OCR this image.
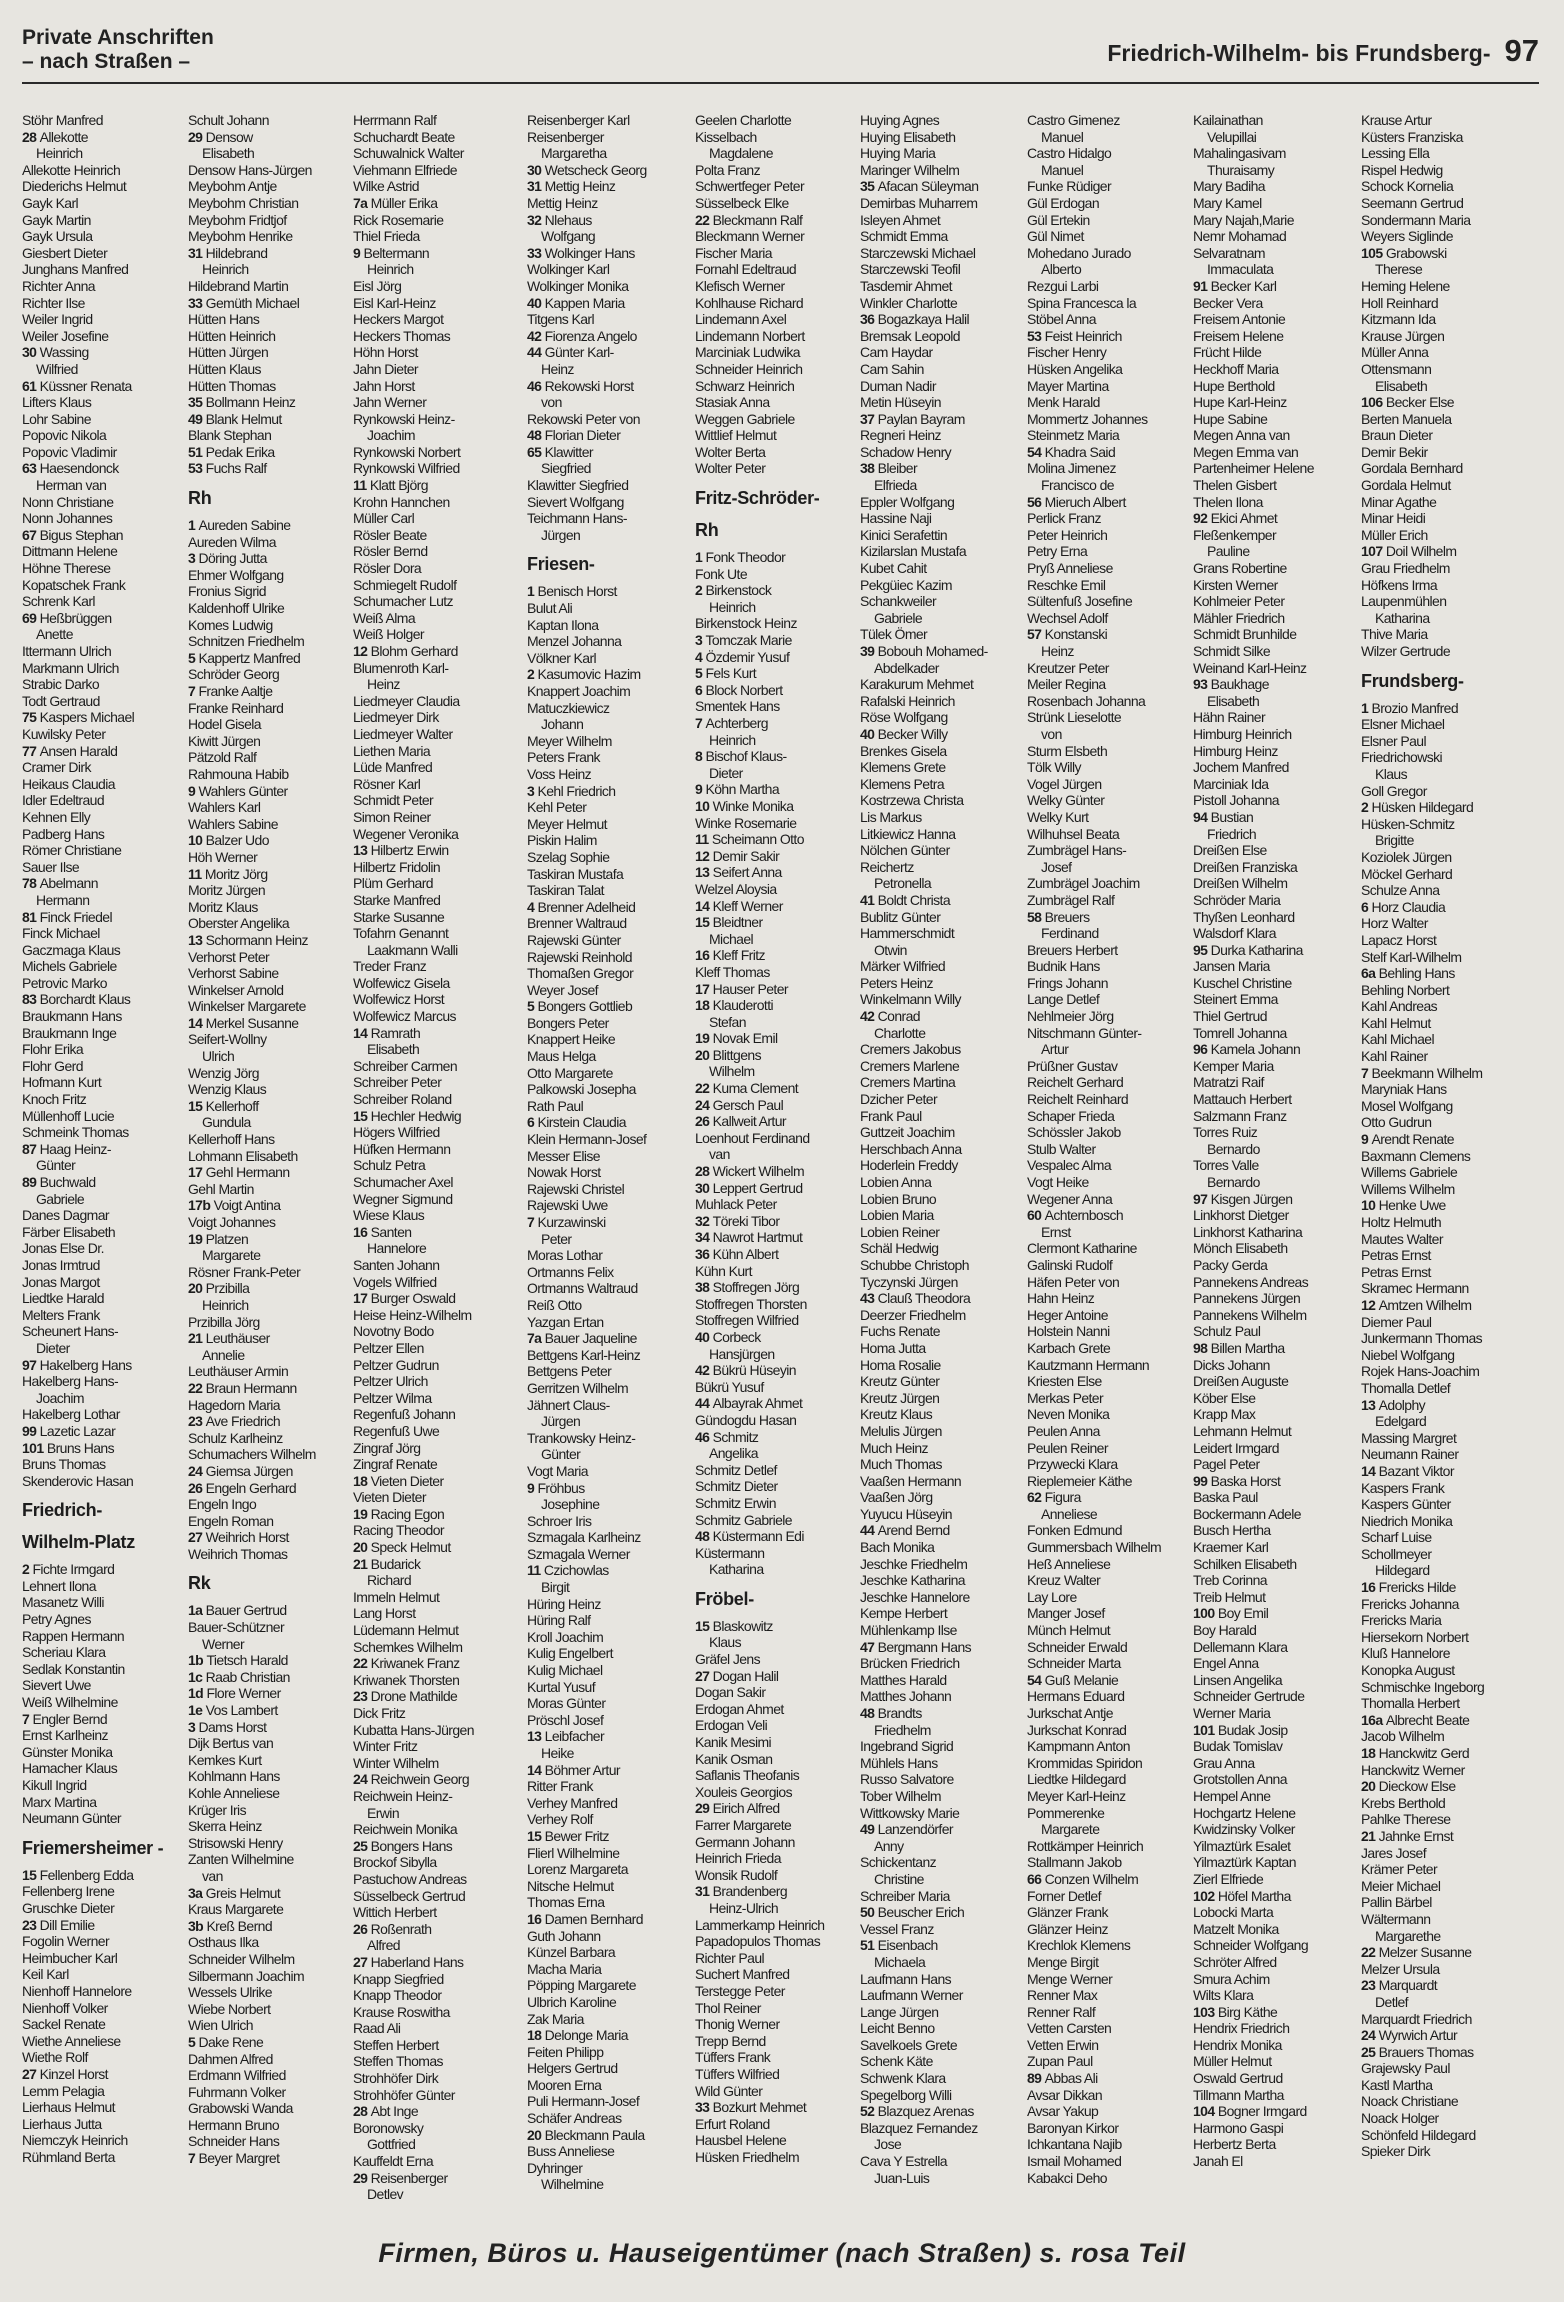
Private Anschriften
– nach Straßen –	Friedrich-Wilhelm- bis Frundsberg- 97
Stöhr Manfred
28 Allekotte
Heinrich
Allekotte Heinrich
Diederichs Helmut
Gayk Karl
Gayk Martin
Gayk Ursula
Giesbert Dieter
Junghans Manfred
Richter Anna
Richter Ilse
Weiler Ingrid
Weiler Josefine
30 Wassing
Wilfried
61 Küssner Renata
Lifters Klaus
Lohr Sabine
Popovic Nikola
Popovic Vladimir
63 Haesendonck
Herman van
Nonn Christiane
Nonn Johannes
67 Bigus Stephan
Dittmann Helene
Höhne Therese
Kopatschek Frank
Schrenk Karl
69 Heßbrüggen
Anette
Ittermann Ulrich
Markmann Ulrich
Strabic Darko
Todt Gertraud
75 Kaspers Michael
Kuwilsky Peter
77 Ansen Harald
Cramer Dirk
Heikaus Claudia
Idler Edeltraud
Kehnen Elly
Padberg Hans
Römer Christiane
Sauer Ilse
78 Abelmann
Hermann
81 Finck Friedel
Finck Michael
Gaczmaga Klaus
Michels Gabriele
Petrovic Marko
83 Borchardt Klaus
Braukmann Hans
Braukmann Inge
Flohr Erika
Flohr Gerd
Hofmann Kurt
Knoch Fritz
Müllenhoff Lucie
Schmeink Thomas
87 Haag Heinz-
Günter
89 Buchwald
Gabriele
Danes Dagmar
Färber Elisabeth
Jonas Else Dr.
Jonas Irmtrud
Jonas Margot
Liedtke Harald
Melters Frank
Scheunert Hans-
Dieter
97 Hakelberg Hans
Hakelberg Hans-
Joachim
Hakelberg Lothar
99 Lazetic Lazar
101 Bruns Hans
Bruns Thomas
Skenderovic Hasan
Friedrich-
Wilhelm-Platz
2 Fichte Irmgard
Lehnert Ilona
Masanetz Willi
Petry Agnes
Rappen Hermann
Scheriau Klara
Sedlak Konstantin
Sievert Uwe
Weiß Wilhelmine
7 Engler Bernd
Ernst Karlheinz
Günster Monika
Hamacher Klaus
Kikull Ingrid
Marx Martina
Neumann Günter
Friemersheimer -
15 Fellenberg Edda
Fellenberg Irene
Gruschke Dieter
23 Dill Emilie
Fogolin Werner
Heimbucher Karl
Keil Karl
Nienhoff Hannelore
Nienhoff Volker
Sackel Renate
Wiethe Anneliese
Wiethe Rolf
27 Kinzel Horst
Lemm Pelagia
Lierhaus Helmut
Lierhaus Jutta
Niemczyk Heinrich
Rühmland Berta
Schult Johann
29 Densow
Elisabeth
Densow Hans-Jürgen
Meybohm Antje
Meybohm Christian
Meybohm Fridtjof
Meybohm Henrike
31 Hildebrand
Heinrich
Hildebrand Martin
33 Gemüth Michael
Hütten Hans
Hütten Heinrich
Hütten Jürgen
Hütten Klaus
Hütten Thomas
35 Bollmann Heinz
49 Blank Helmut
Blank Stephan
51 Pedak Erika
53 Fuchs Ralf
Rh
1 Aureden Sabine
Aureden Wilma
3 Döring Jutta
Ehmer Wolfgang
Fronius Sigrid
Kaldenhoff Ulrike
Komes Ludwig
Schnitzen Friedhelm
5 Kappertz Manfred
Schröder Georg
7 Franke Aaltje
Franke Reinhard
Hodel Gisela
Kiwitt Jürgen
Pätzold Ralf
Rahmouna Habib
9 Wahlers Günter
Wahlers Karl
Wahlers Sabine
10 Balzer Udo
Höh Werner
11 Moritz Jörg
Moritz Jürgen
Moritz Klaus
Oberster Angelika
13 Schormann Heinz
Verhorst Peter
Verhorst Sabine
Winkelser Arnold
Winkelser Margarete
14 Merkel Susanne
Seifert-Wollny
Ulrich
Wenzig Jörg
Wenzig Klaus
15 Kellerhoff
Gundula
Kellerhoff Hans
Lohmann Elisabeth
17 Gehl Hermann
Gehl Martin
17b Voigt Antina
Voigt Johannes
19 Platzen
Margarete
Rösner Frank-Peter
20 Przibilla
Heinrich
Przibilla Jörg
21 Leuthäuser
Annelie
Leuthäuser Armin
22 Braun Hermann
Hagedorn Maria
23 Ave Friedrich
Schulz Karlheinz
Schumachers Wilhelm
24 Giemsa Jürgen
26 Engeln Gerhard
Engeln Ingo
Engeln Roman
27 Weihrich Horst
Weihrich Thomas
Rk
1a Bauer Gertrud
Bauer-Schützner
Werner
1b Tietsch Harald
1c Raab Christian
1d Flore Werner
1e Vos Lambert
3 Dams Horst
Dijk Bertus van
Kemkes Kurt
Kohlmann Hans
Kohle Anneliese
Krüger Iris
Skerra Heinz
Strisowski Henry
Zanten Wilhelmine
van
3a Greis Helmut
Kraus Margarete
3b Kreß Bernd
Osthaus Ilka
Schneider Wilhelm
Silbermann Joachim
Wessels Ulrike
Wiebe Norbert
Wien Ulrich
5 Dake Rene
Dahmen Alfred
Erdmann Wilfried
Fuhrmann Volker
Grabowski Wanda
Hermann Bruno
Schneider Hans
7 Beyer Margret
Herrmann Ralf
Schuchardt Beate
Schuwalnick Walter
Viehmann Elfriede
Wilke Astrid
7a Müller Erika
Rick Rosemarie
Thiel Frieda
9 Beltermann
Heinrich
Eisl Jörg
Eisl Karl-Heinz
Heckers Margot
Heckers Thomas
Höhn Horst
Jahn Dieter
Jahn Horst
Jahn Werner
Rynkowski Heinz-
Joachim
Rynkowski Norbert
Rynkowski Wilfried
11 Klatt Björg
Krohn Hannchen
Müller Carl
Rösler Beate
Rösler Bernd
Rösler Dora
Schmiegelt Rudolf
Schumacher Lutz
Weiß Alma
Weiß Holger
12 Blohm Gerhard
Blumenroth Karl-
Heinz
Liedmeyer Claudia
Liedmeyer Dirk
Liedmeyer Walter
Liethen Maria
Lüde Manfred
Rösner Karl
Schmidt Peter
Simon Reiner
Wegener Veronika
13 Hilbertz Erwin
Hilbertz Fridolin
Plüm Gerhard
Starke Manfred
Starke Susanne
Tofahrn Genannt
Laakmann Walli
Treder Franz
Wolfewicz Gisela
Wolfewicz Horst
Wolfewicz Marcus
14 Ramrath
Elisabeth
Schreiber Carmen
Schreiber Peter
Schreiber Roland
15 Hechler Hedwig
Högers Wilfried
Hüfken Hermann
Schulz Petra
Schumacher Axel
Wegner Sigmund
Wiese Klaus
16 Santen
Hannelore
Santen Johann
Vogels Wilfried
17 Burger Oswald
Heise Heinz-Wilhelm
Novotny Bodo
Peltzer Ellen
Peltzer Gudrun
Peltzer Ulrich
Peltzer Wilma
Regenfuß Johann
Regenfuß Uwe
Zingraf Jörg
Zingraf Renate
18 Vieten Dieter
Vieten Dieter
19 Racing Egon
Racing Theodor
20 Speck Helmut
21 Budarick
Richard
Immeln Helmut
Lang Horst
Lüdemann Helmut
Schemkes Wilhelm
22 Kriwanek Franz
Kriwanek Thorsten
23 Drone Mathilde
Dick Fritz
Kubatta Hans-Jürgen
Winter Fritz
Winter Wilhelm
24 Reichwein Georg
Reichwein Heinz-
Erwin
Reichwein Monika
25 Bongers Hans
Brockof Sibylla
Pastuchow Andreas
Süsselbeck Gertrud
Wittich Herbert
26 Roßenrath
Alfred
27 Haberland Hans
Knapp Siegfried
Knapp Theodor
Krause Roswitha
Raad Ali
Steffen Herbert
Steffen Thomas
Strohhöfer Dirk
Strohhöfer Günter
28 Abt Inge
Boronowsky
Gottfried
Kauffeldt Erna
29 Reisenberger
Detlev
Reisenberger Karl
Reisenberger
Margaretha
30 Wetscheck Georg
31 Mettig Heinz
Mettig Heinz
32 Nlehaus
Wolfgang
33 Wolkinger Hans
Wolkinger Karl
Wolkinger Monika
40 Kappen Maria
Titgens Karl
42 Fiorenza Angelo
44 Günter Karl-
Heinz
46 Rekowski Horst
von
Rekowski Peter von
48 Florian Dieter
65 Klawitter
Siegfried
Klawitter Siegfried
Sievert Wolfgang
Teichmann Hans-
Jürgen
Friesen-
1 Benisch Horst
Bulut Ali
Kaptan Ilona
Menzel Johanna
Völkner Karl
2 Kasumovic Hazim
Knappert Joachim
Matuczkiewicz
Johann
Meyer Wilhelm
Peters Frank
Voss Heinz
3 Kehl Friedrich
Kehl Peter
Meyer Helmut
Piskin Halim
Szelag Sophie
Taskiran Mustafa
Taskiran Talat
4 Brenner Adelheid
Brenner Waltraud
Rajewski Günter
Rajewski Reinhold
Thomaßen Gregor
Weyer Josef
5 Bongers Gottlieb
Bongers Peter
Knappert Heike
Maus Helga
Otto Margarete
Palkowski Josepha
Rath Paul
6 Kirstein Claudia
Klein Hermann-Josef
Messer Elise
Nowak Horst
Rajewski Christel
Rajewski Uwe
7 Kurzawinski
Peter
Moras Lothar
Ortmanns Felix
Ortmanns Waltraud
Reiß Otto
Yazgan Ertan
7a Bauer Jaqueline
Bettgens Karl-Heinz
Bettgens Peter
Gerritzen Wilhelm
Jähnert Claus-
Jürgen
Trankowsky Heinz-
Günter
Vogt Maria
9 Fröhbus
Josephine
Schroer Iris
Szmagala Karlheinz
Szmagala Werner
11 Czichowlas
Birgit
Hüring Heinz
Hüring Ralf
Kroll Joachim
Kulig Engelbert
Kulig Michael
Kurtal Yusuf
Moras Günter
Pröschl Josef
13 Leibfacher
Heike
14 Böhmer Artur
Ritter Frank
Verhey Manfred
Verhey Rolf
15 Bewer Fritz
Flierl Wilhelmine
Lorenz Margareta
Nitsche Helmut
Thomas Erna
16 Damen Bernhard
Guth Johann
Künzel Barbara
Macha Maria
Pöpping Margarete
Ulbrich Karoline
Zak Maria
18 Delonge Maria
Feiten Philipp
Helgers Gertrud
Mooren Erna
Puli Hermann-Josef
Schäfer Andreas
20 Bleckmann Paula
Buss Anneliese
Dyhringer
Wilhelmine
Geelen Charlotte
Kisselbach
Magdalene
Polta Franz
Schwertfeger Peter
Süsselbeck Elke
22 Bleckmann Ralf
Bleckmann Werner
Fischer Maria
Fornahl Edeltraud
Klefisch Werner
Kohlhause Richard
Lindemann Axel
Lindemann Norbert
Marciniak Ludwika
Schneider Heinrich
Schwarz Heinrich
Stasiak Anna
Weggen Gabriele
Wittlief Helmut
Wolter Berta
Wolter Peter
Fritz-Schröder-
Rh
1 Fonk Theodor
Fonk Ute
2 Birkenstock
Heinrich
Birkenstock Heinz
3 Tomczak Marie
4 Özdemir Yusuf
5 Fels Kurt
6 Block Norbert
Smentek Hans
7 Achterberg
Heinrich
8 Bischof Klaus-
Dieter
9 Köhn Martha
10 Winke Monika
Winke Rosemarie
11 Scheimann Otto
12 Demir Sakir
13 Seifert Anna
Welzel Aloysia
14 Kleff Werner
15 Bleidtner
Michael
16 Kleff Fritz
Kleff Thomas
17 Hauser Peter
18 Klauderotti
Stefan
19 Novak Emil
20 Blittgens
Wilhelm
22 Kuma Clement
24 Gersch Paul
26 Kallweit Artur
Loenhout Ferdinand
van
28 Wickert Wilhelm
30 Leppert Gertrud
Muhlack Peter
32 Töreki Tibor
34 Nawrot Hartmut
36 Kühn Albert
Kühn Kurt
38 Stoffregen Jörg
Stoffregen Thorsten
Stoffregen Wilfried
40 Corbeck
Hansjürgen
42 Bükrü Hüseyin
Bükrü Yusuf
44 Albayrak Ahmet
Gündogdu Hasan
46 Schmitz
Angelika
Schmitz Detlef
Schmitz Dieter
Schmitz Erwin
Schmitz Gabriele
48 Küstermann Edi
Küstermann
Katharina
Fröbel-
15 Blaskowitz
Klaus
Gräfel Jens
27 Dogan Halil
Dogan Sakir
Erdogan Ahmet
Erdogan Veli
Kanik Mesimi
Kanik Osman
Saflanis Theofanis
Xouleis Georgios
29 Eirich Alfred
Farrer Margarete
Germann Johann
Heinrich Frieda
Wonsik Rudolf
31 Brandenberg
Heinz-Ulrich
Lammerkamp Heinrich
Papadopulos Thomas
Richter Paul
Suchert Manfred
Terstegge Peter
Thol Reiner
Thonig Werner
Trepp Bernd
Tüffers Frank
Tüffers Wilfried
Wild Günter
33 Bozkurt Mehmet
Erfurt Roland
Hausbel Helene
Hüsken Friedhelm
Huying Agnes
Huying Elisabeth
Huying Maria
Maringer Wilhelm
35 Afacan Süleyman
Demirbas Muharrem
Isleyen Ahmet
Schmidt Emma
Starczewski Michael
Starczewski Teofil
Tasdemir Ahmet
Winkler Charlotte
36 Bogazkaya Halil
Bremsak Leopold
Cam Haydar
Cam Sahin
Duman Nadir
Metin Hüseyin
37 Paylan Bayram
Regneri Heinz
Schadow Henry
38 Bleiber
Elfrieda
Eppler Wolfgang
Hassine Naji
Kinici Serafettin
Kizilarslan Mustafa
Kubet Cahit
Pekgüiec Kazim
Schankweiler
Gabriele
Tülek Ömer
39 Bobouh Mohamed-
Abdelkader
Karakurum Mehmet
Rafalski Heinrich
Röse Wolfgang
40 Becker Willy
Brenkes Gisela
Klemens Grete
Klemens Petra
Kostrzewa Christa
Lis Markus
Litkiewicz Hanna
Nölchen Günter
Reichertz
Petronella
41 Boldt Christa
Bublitz Günter
Hammerschmidt
Otwin
Märker Wilfried
Peters Heinz
Winkelmann Willy
42 Conrad
Charlotte
Cremers Jakobus
Cremers Marlene
Cremers Martina
Dzicher Peter
Frank Paul
Guttzeit Joachim
Herschbach Anna
Hoderlein Freddy
Lobien Anna
Lobien Bruno
Lobien Maria
Lobien Reiner
Schäl Hedwig
Schubbe Christoph
Tyczynski Jürgen
43 Clauß Theodora
Deerzer Friedhelm
Fuchs Renate
Homa Jutta
Homa Rosalie
Kreutz Günter
Kreutz Jürgen
Kreutz Klaus
Melulis Jürgen
Much Heinz
Much Thomas
Vaaßen Hermann
Vaaßen Jörg
Yuyucu Hüseyin
44 Arend Bernd
Bach Monika
Jeschke Friedhelm
Jeschke Katharina
Jeschke Hannelore
Kempe Herbert
Mühlenkamp Ilse
47 Bergmann Hans
Brücken Friedrich
Matthes Harald
Matthes Johann
48 Brandts
Friedhelm
Ingebrand Sigrid
Mühlels Hans
Russo Salvatore
Tober Wilhelm
Wittkowsky Marie
49 Lanzendörfer
Anny
Schickentanz
Christine
Schreiber Maria
50 Beuscher Erich
Vessel Franz
51 Eisenbach
Michaela
Laufmann Hans
Laufmann Werner
Lange Jürgen
Leicht Benno
Savelkoels Grete
Schenk Käte
Schwenk Klara
Spegelborg Willi
52 Blazquez Arenas
Blazquez Fernandez
Jose
Cava Y Estrella
Juan-Luis
Castro Gimenez
Manuel
Castro Hidalgo
Manuel
Funke Rüdiger
Gül Erdogan
Gül Ertekin
Gül Nimet
Mohedano Jurado
Alberto
Rezgui Larbi
Spina Francesca la
Stöbel Anna
53 Feist Heinrich
Fischer Henry
Hüsken Angelika
Mayer Martina
Menk Harald
Mommertz Johannes
Steinmetz Maria
54 Khadra Said
Molina Jimenez
Francisco de
56 Mieruch Albert
Perlick Franz
Peter Heinrich
Petry Erna
Pryß Anneliese
Reschke Emil
Sültenfuß Josefine
Wechsel Adolf
57 Konstanski
Heinz
Kreutzer Peter
Meiler Regina
Rosenbach Johanna
Strünk Lieselotte
von
Sturm Elsbeth
Tölk Willy
Vogel Jürgen
Welky Günter
Welky Kurt
Wilhuhsel Beata
Zumbrägel Hans-
Josef
Zumbrägel Joachim
Zumbrägel Ralf
58 Breuers
Ferdinand
Breuers Herbert
Budnik Hans
Frings Johann
Lange Detlef
Nehlmeier Jörg
Nitschmann Günter-
Artur
Prüßner Gustav
Reichelt Gerhard
Reichelt Reinhard
Schaper Frieda
Schössler Jakob
Stulb Walter
Vespalec Alma
Vogt Heike
Wegener Anna
60 Achternbosch
Ernst
Clermont Katharine
Galinski Rudolf
Häfen Peter von
Hahn Heinz
Heger Antoine
Holstein Nanni
Karbach Grete
Kautzmann Hermann
Kriesten Else
Merkas Peter
Neven Monika
Peulen Anna
Peulen Reiner
Przywecki Klara
Rieplemeier Käthe
62 Figura
Anneliese
Fonken Edmund
Gummersbach Wilhelm
Heß Anneliese
Kreuz Walter
Lay Lore
Manger Josef
Münch Helmut
Schneider Erwald
Schneider Marta
54 Guß Melanie
Hermans Eduard
Jurkschat Antje
Jurkschat Konrad
Kampmann Anton
Krommidas Spiridon
Liedtke Hildegard
Meyer Karl-Heinz
Pommerenke
Margarete
Rottkämper Heinrich
Stallmann Jakob
66 Conzen Wilhelm
Forner Detlef
Glänzer Frank
Glänzer Heinz
Krechlok Klemens
Menge Birgit
Menge Werner
Renner Max
Renner Ralf
Vetten Carsten
Vetten Erwin
Zupan Paul
89 Abbas Ali
Avsar Dikkan
Avsar Yakup
Baronyan Kirkor
Ichkantana Najib
Ismail Mohamed
Kabakci Deho
Kailainathan
Velupillai
Mahalingasivam
Thuraisamy
Mary Badiha
Mary Kamel
Mary Najah,Marie
Nemr Mohamad
Selvaratnam
Immaculata
91 Becker Karl
Becker Vera
Freisem Antonie
Freisem Helene
Frücht Hilde
Heckhoff Maria
Hupe Berthold
Hupe Karl-Heinz
Hupe Sabine
Megen Anna van
Megen Emma van
Partenheimer Helene
Thelen Gisbert
Thelen Ilona
92 Ekici Ahmet
Fleßenkemper
Pauline
Grans Robertine
Kirsten Werner
Kohlmeier Peter
Mähler Friedrich
Schmidt Brunhilde
Schmidt Silke
Weinand Karl-Heinz
93 Baukhage
Elisabeth
Hähn Rainer
Himburg Heinrich
Himburg Heinz
Jochem Manfred
Marciniak Ida
Pistoll Johanna
94 Bustian
Friedrich
Dreißen Else
Dreißen Franziska
Dreißen Wilhelm
Schröder Maria
Thyßen Leonhard
Walsdorf Klara
95 Durka Katharina
Jansen Maria
Kuschel Christine
Steinert Emma
Thiel Gertrud
Tomrell Johanna
96 Kamela Johann
Kemper Maria
Matratzi Raif
Mattauch Herbert
Salzmann Franz
Torres Ruiz
Bernardo
Torres Valle
Bernardo
97 Kisgen Jürgen
Linkhorst Dietger
Linkhorst Katharina
Mönch Elisabeth
Packy Gerda
Pannekens Andreas
Pannekens Jürgen
Pannekens Wilhelm
Schulz Paul
98 Billen Martha
Dicks Johann
Dreißen Auguste
Köber Else
Krapp Max
Lehmann Helmut
Leidert Irmgard
Pagel Peter
99 Baska Horst
Baska Paul
Bockermann Adele
Busch Hertha
Kraemer Karl
Schilken Elisabeth
Treb Corinna
Treib Helmut
100 Boy Emil
Boy Harald
Dellemann Klara
Engel Anna
Linsen Angelika
Schneider Gertrude
Werner Maria
101 Budak Josip
Budak Tomislav
Grau Anna
Grotstollen Anna
Hempel Anne
Hochgartz Helene
Kwidzinsky Volker
Yilmaztürk Esalet
Yilmaztürk Kaptan
Zierl Elfriede
102 Höfel Martha
Lobocki Marta
Matzelt Monika
Schneider Wolfgang
Schröter Alfred
Smura Achim
Wilts Klara
103 Birg Käthe
Hendrix Friedrich
Hendrix Monika
Müller Helmut
Oswald Gertrud
Tillmann Martha
104 Bogner Irmgard
Harmono Gaspi
Herbertz Berta
Janah El
Krause Artur
Küsters Franziska
Lessing Ella
Rispel Hedwig
Schock Kornelia
Seemann Gertrud
Sondermann Maria
Weyers Siglinde
105 Grabowski
Therese
Heming Helene
Holl Reinhard
Kitzmann Ida
Krause Jürgen
Müller Anna
Ottensmann
Elisabeth
106 Becker Else
Berten Manuela
Braun Dieter
Demir Bekir
Gordala Bernhard
Gordala Helmut
Minar Agathe
Minar Heidi
Müller Erich
107 Doil Wilhelm
Grau Friedhelm
Höfkens Irma
Laupenmühlen
Katharina
Thive Maria
Wilzer Gertrude
Frundsberg-
1 Brozio Manfred
Elsner Michael
Elsner Paul
Friedrichowski
Klaus
Goll Gregor
2 Hüsken Hildegard
Hüsken-Schmitz
Brigitte
Koziolek Jürgen
Möckel Gerhard
Schulze Anna
6 Horz Claudia
Horz Walter
Lapacz Horst
Stelf Karl-Wilhelm
6a Behling Hans
Behling Norbert
Kahl Andreas
Kahl Helmut
Kahl Michael
Kahl Rainer
7 Beekmann Wilhelm
Maryniak Hans
Mosel Wolfgang
Otto Gudrun
9 Arendt Renate
Baxmann Clemens
Willems Gabriele
Willems Wilhelm
10 Henke Uwe
Holtz Helmuth
Mautes Walter
Petras Ernst
Petras Ernst
Skramec Hermann
12 Amtzen Wilhelm
Diemer Paul
Junkermann Thomas
Niebel Wolfgang
Rojek Hans-Joachim
Thomalla Detlef
13 Adolphy
Edelgard
Massing Margret
Neumann Rainer
14 Bazant Viktor
Kaspers Frank
Kaspers Günter
Niedrich Monika
Scharf Luise
Schollmeyer
Hildegard
16 Frericks Hilde
Frericks Johanna
Frericks Maria
Hiersekorn Norbert
Kluß Hannelore
Konopka August
Schmischke Ingeborg
Thomalla Herbert
16a Albrecht Beate
Jacob Wilhelm
18 Hanckwitz Gerd
Hanckwitz Werner
20 Dieckow Else
Krebs Berthold
Pahlke Therese
21 Jahnke Ernst
Jares Josef
Krämer Peter
Meier Michael
Pallin Bärbel
Wältermann
Margarethe
22 Melzer Susanne
Melzer Ursula
23 Marquardt
Detlef
Marquardt Friedrich
24 Wyrwich Artur
25 Brauers Thomas
Grajewsky Paul
Kastl Martha
Noack Christiane
Noack Holger
Schönfeld Hildegard
Spieker Dirk
Firmen, Büros u. Hauseigentümer (nach Straßen) s. rosa Teil
